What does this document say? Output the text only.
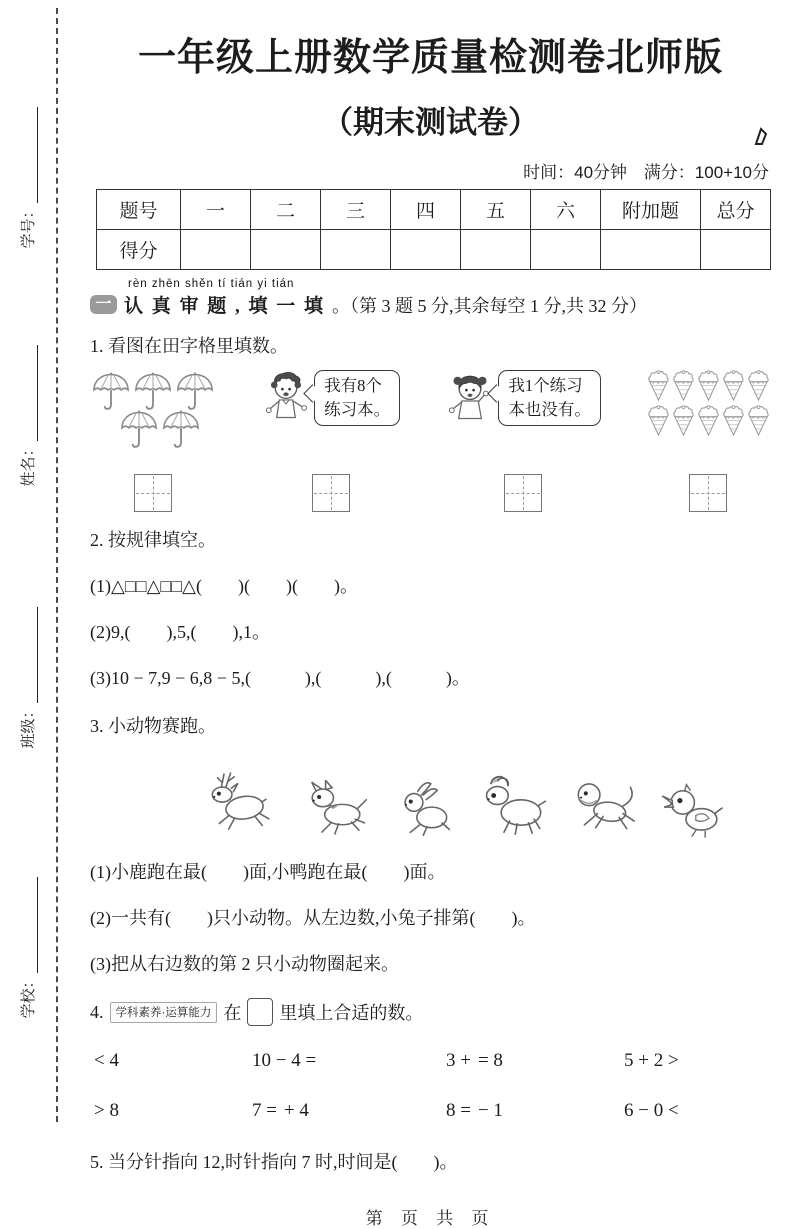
学号：
姓名：
班级：
学校：
一年级上册数学质量检测卷北师版
（期末测试卷）
时间：40分钟 满分：100+10分
题号	一	二	三	四	五	六	附加题	总分
得分								
rèn zhēn shěn tí tián yi tián
一 认 真 审 题 , 填 一 填 。（第 3 题 5 分,其余每空 1 分,共 32 分）
1. 看图在田字格里填数。
我有8个
练习本。
我1个练习
本也没有。
2. 按规律填空。
(1)△□□△□□△(　　)(　　)(　　)。
(2)9,(　　),5,(　　),1。
(3)10 − 7,9 − 6,8 − 5,(　　　),(　　　),(　　　)。
3. 小动物赛跑。
(1)小鹿跑在最(　　)面,小鸭跑在最(　　)面。
(2)一共有(　　)只小动物。从左边数,小兔子排第(　　)。
(3)把从右边数的第 2 只小动物圈起来。
4.	学科素养·运算能力 在 里填上合适的数。
< 4	10 − 4 =	3 + = 8	5 + 2 >
> 8	7 = + 4	8 = − 1	6 − 0 <
5. 当分针指向 12,时针指向 7 时,时间是(　　)。
第 页 共 页
